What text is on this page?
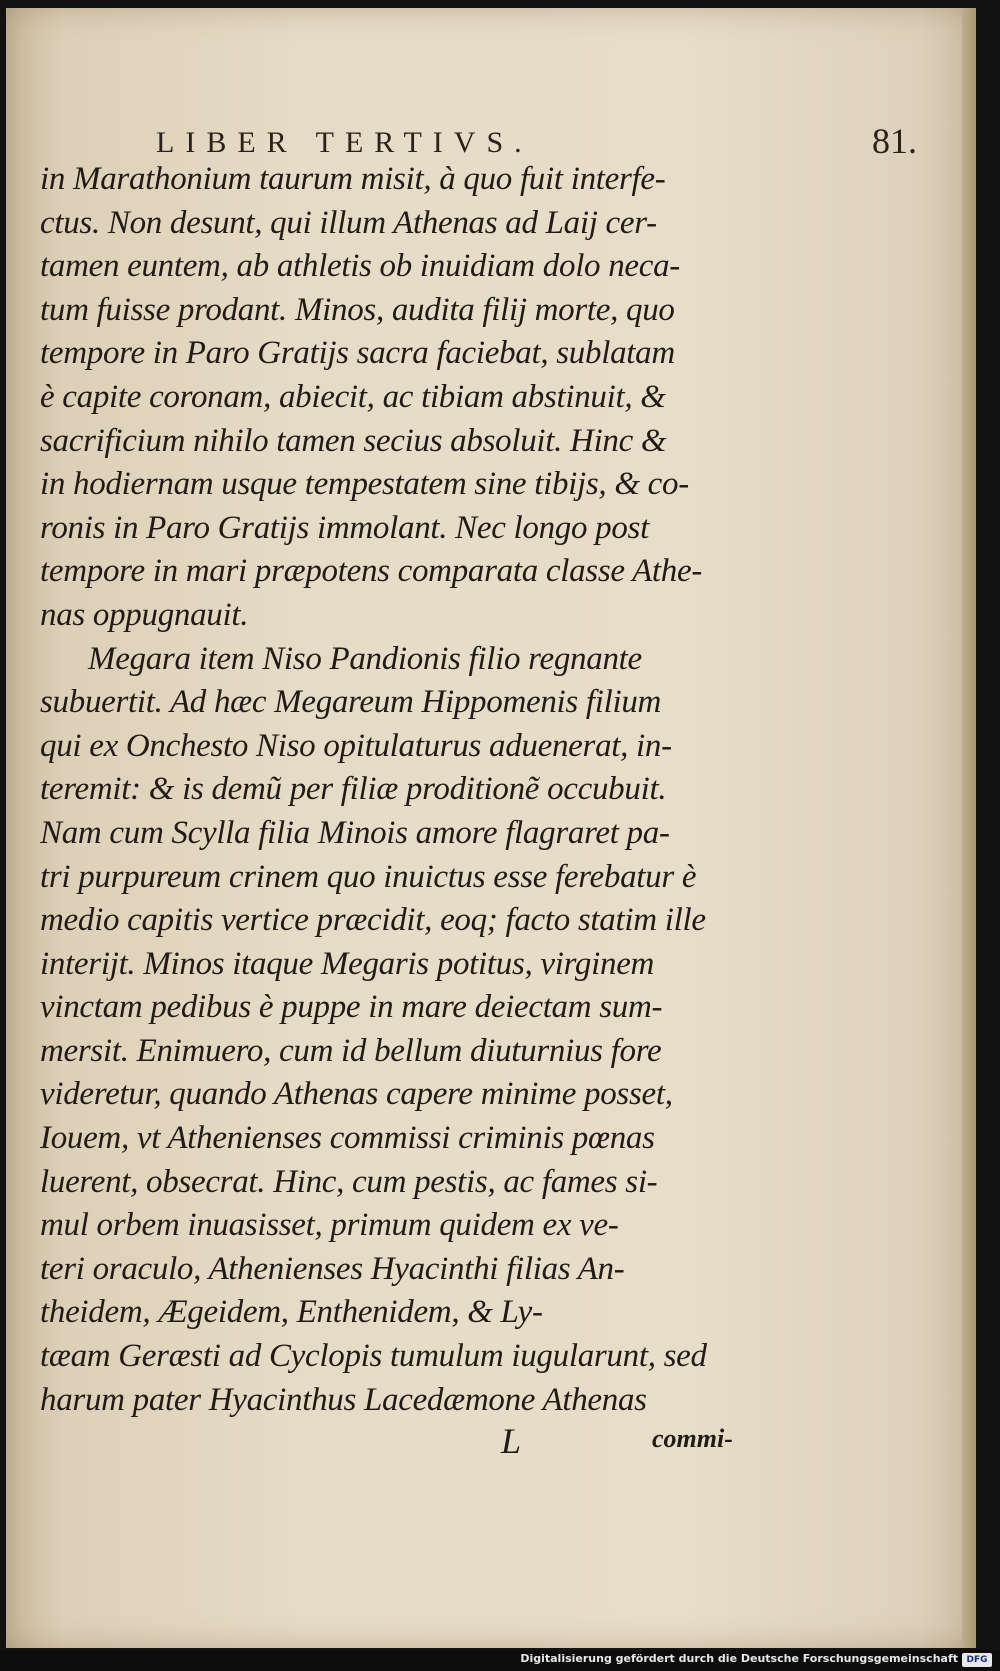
LIBER TERTIVS.	81.
in Marathonium taurum misit, à quo fuit interfe-
ctus. Non desunt, qui illum Athenas ad Laij cer-
tamen euntem, ab athletis ob inuidiam dolo neca-
tum fuisse prodant. Minos, audita filij morte, quo
tempore in Paro Gratijs sacra faciebat, sublatam
è capite coronam, abiecit, ac tibiam abstinuit, &
sacrificium nihilo tamen secius absoluit. Hinc &
in hodiernam usque tempestatem sine tibijs, & co-
ronis in Paro Gratijs immolant. Nec longo post
tempore in mari præpotens comparata classe Athe-
nas oppugnauit.
Megara item Niso Pandionis filio regnante
subuertit. Ad hæc Megareum Hippomenis filium
qui ex Onchesto Niso opitulaturus aduenerat, in-
teremit: & is demũ per filiæ proditionẽ occubuit.
Nam cum Scylla filia Minois amore flagraret pa-
tri purpureum crinem quo inuictus esse ferebatur è
medio capitis vertice præcidit, eoq; facto statim ille
interijt. Minos itaque Megaris potitus, virginem
vinctam pedibus è puppe in mare deiectam sum-
mersit. Enimuero, cum id bellum diuturnius fore
videretur, quando Athenas capere minime posset,
Iouem, vt Athenienses commissi criminis pœnas
luerent, obsecrat. Hinc, cum pestis, ac fames si-
mul orbem inuasisset, primum quidem ex ve-
teri oraculo, Athenienses Hyacinthi filias An-
theidem, Ægeidem, Enthenidem, & Ly-
tæam Geræsti ad Cyclopis tumulum iugularunt, sed
harum pater Hyacinthus Lacedæmone Athenas
L	commi-
Digitalisierung gefördert durch die Deutsche Forschungsgemeinschaft DFG
